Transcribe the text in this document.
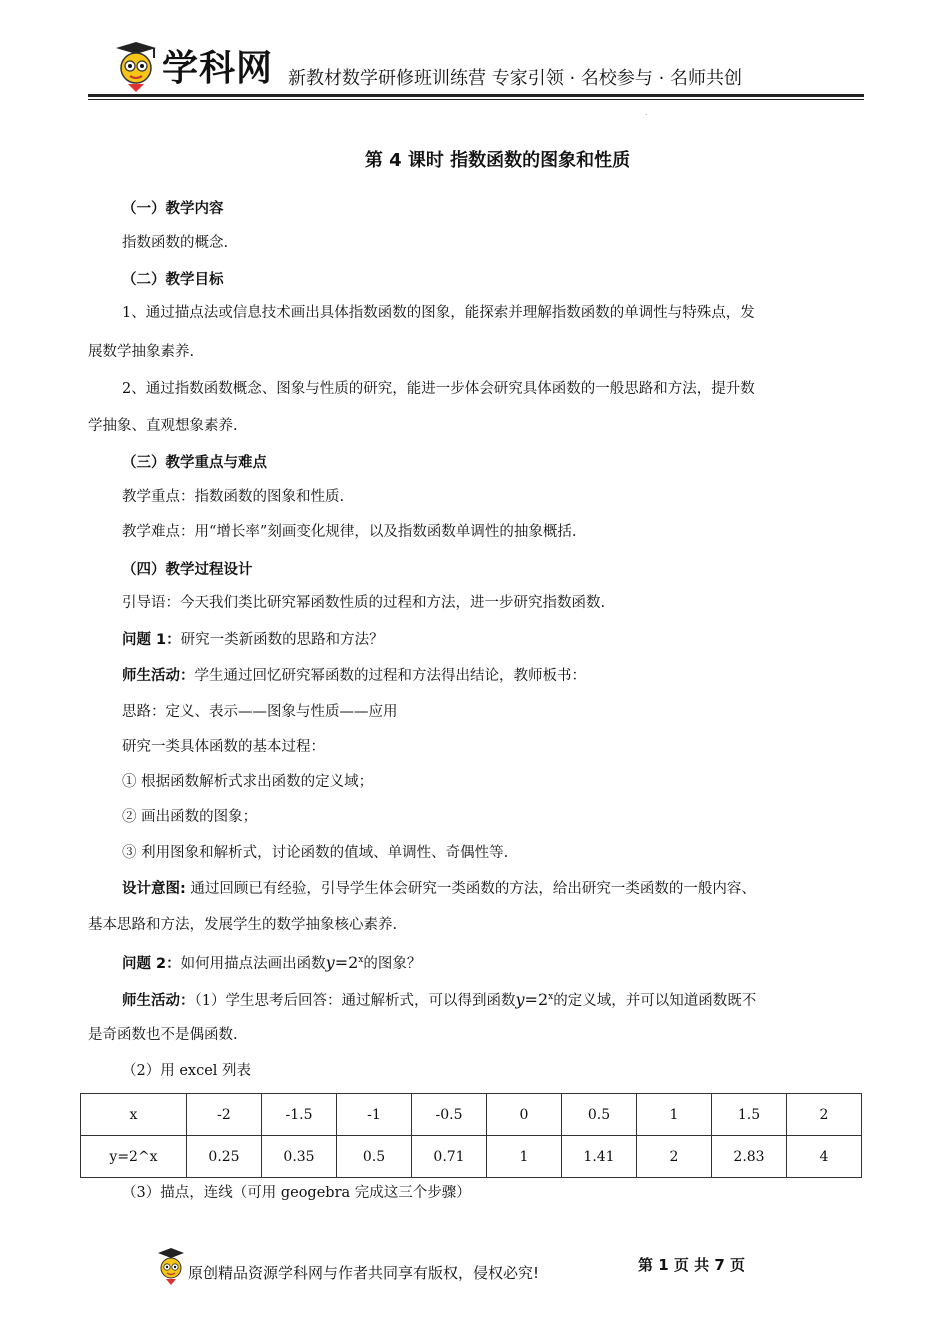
学科网 新教材数学研修班训练营 专家引领 · 名校参与 · 名师共创
.
第 4 课时 指数函数的图象和性质
（一）教学内容
指数函数的概念.
（二）教学目标
1、通过描点法或信息技术画出具体指数函数的图象，能探索并理解指数函数的单调性与特殊点，发
展数学抽象素养.
2、通过指数函数概念、图象与性质的研究，能进一步体会研究具体函数的一般思路和方法，提升数
学抽象、直观想象素养.
（三）教学重点与难点
教学重点：指数函数的图象和性质.
教学难点：用“增长率”刻画变化规律，以及指数函数单调性的抽象概括.
（四）教学过程设计
引导语：今天我们类比研究幂函数性质的过程和方法，进一步研究指数函数.
问题 1：研究一类新函数的思路和方法？
师生活动：学生通过回忆研究幂函数的过程和方法得出结论，教师板书：
思路：定义、表示——图象与性质——应用
研究一类具体函数的基本过程：
① 根据函数解析式求出函数的定义域；
② 画出函数的图象；
③ 利用图象和解析式，讨论函数的值域、单调性、奇偶性等.
设计意图: 通过回顾已有经验，引导学生体会研究一类函数的方法，给出研究一类函数的一般内容、
基本思路和方法，发展学生的数学抽象核心素养.
问题 2：如何用描点法画出函数$y=2^x$的图象？
师生活动：（1）学生思考后回答：通过解析式，可以得到函数$y=2^x$的定义域，并可以知道函数既不
是奇函数也不是偶函数.
（2）用 excel 列表
x	-2	-1.5	-1	-0.5	0	0.5	1	1.5	2
y=2^x	0.25	0.35	0.5	0.71	1	1.41	2	2.83	4
（3）描点，连线（可用 geogebra 完成这三个步骤）
原创精品资源学科网与作者共同享有版权，侵权必究!	第 1 页 共 7 页
